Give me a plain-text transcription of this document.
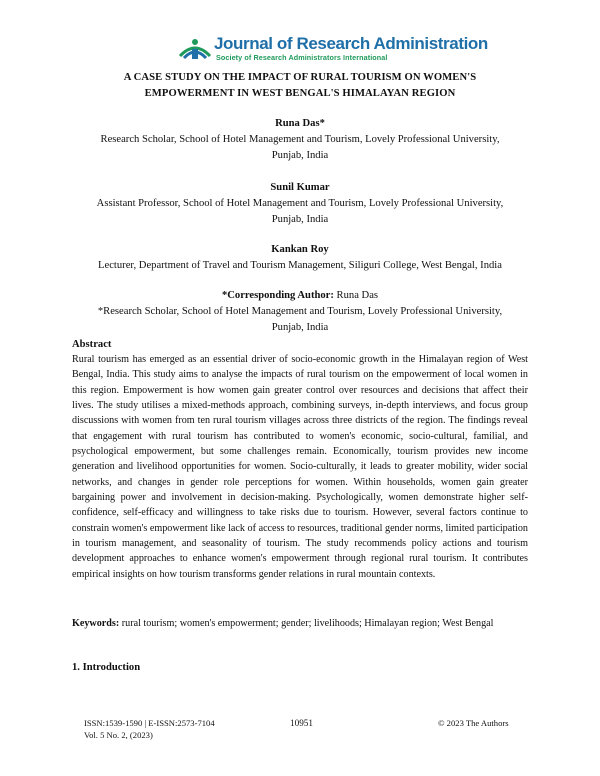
Journal of Research Administration
Society of Research Administrators International
A CASE STUDY ON THE IMPACT OF RURAL TOURISM ON WOMEN'S
EMPOWERMENT IN WEST BENGAL'S HIMALAYAN REGION
Runa Das*
Research Scholar, School of Hotel Management and Tourism, Lovely Professional University,
Punjab, India
Sunil Kumar
Assistant Professor, School of Hotel Management and Tourism, Lovely Professional University,
Punjab, India
Kankan Roy
Lecturer, Department of Travel and Tourism Management, Siliguri College, West Bengal, India
*Corresponding Author: Runa Das
*Research Scholar, School of Hotel Management and Tourism, Lovely Professional University,
Punjab, India
Abstract
Rural tourism has emerged as an essential driver of socio-economic growth in the Himalayan region of West Bengal, India. This study aims to analyse the impacts of rural tourism on the empowerment of local women in this region. Empowerment is how women gain greater control over resources and decisions that affect their lives. The study utilises a mixed-methods approach, combining surveys, in-depth interviews, and focus group discussions with women from ten rural tourism villages across three districts of the region. The findings reveal that engagement with rural tourism has contributed to women's economic, socio-cultural, familial, and psychological empowerment, but some challenges remain. Economically, tourism provides new income generation and livelihood opportunities for women. Socio-culturally, it leads to greater mobility, wider social networks, and changes in gender role perceptions for women. Within households, women gain greater bargaining power and involvement in decision-making. Psychologically, women demonstrate higher self-confidence, self-efficacy and willingness to take risks due to tourism. However, several factors continue to constrain women's empowerment like lack of access to resources, traditional gender norms, limited participation in tourism management, and seasonality of tourism. The study recommends policy actions and tourism development approaches to enhance women's empowerment through regional rural tourism. It contributes empirical insights on how tourism transforms gender relations in rural mountain contexts.
Keywords: rural tourism; women's empowerment; gender; livelihoods; Himalayan region; West Bengal
1. Introduction
ISSN:1539-1590 | E-ISSN:2573-7104
Vol. 5 No. 2, (2023)
10951	© 2023 The Authors
